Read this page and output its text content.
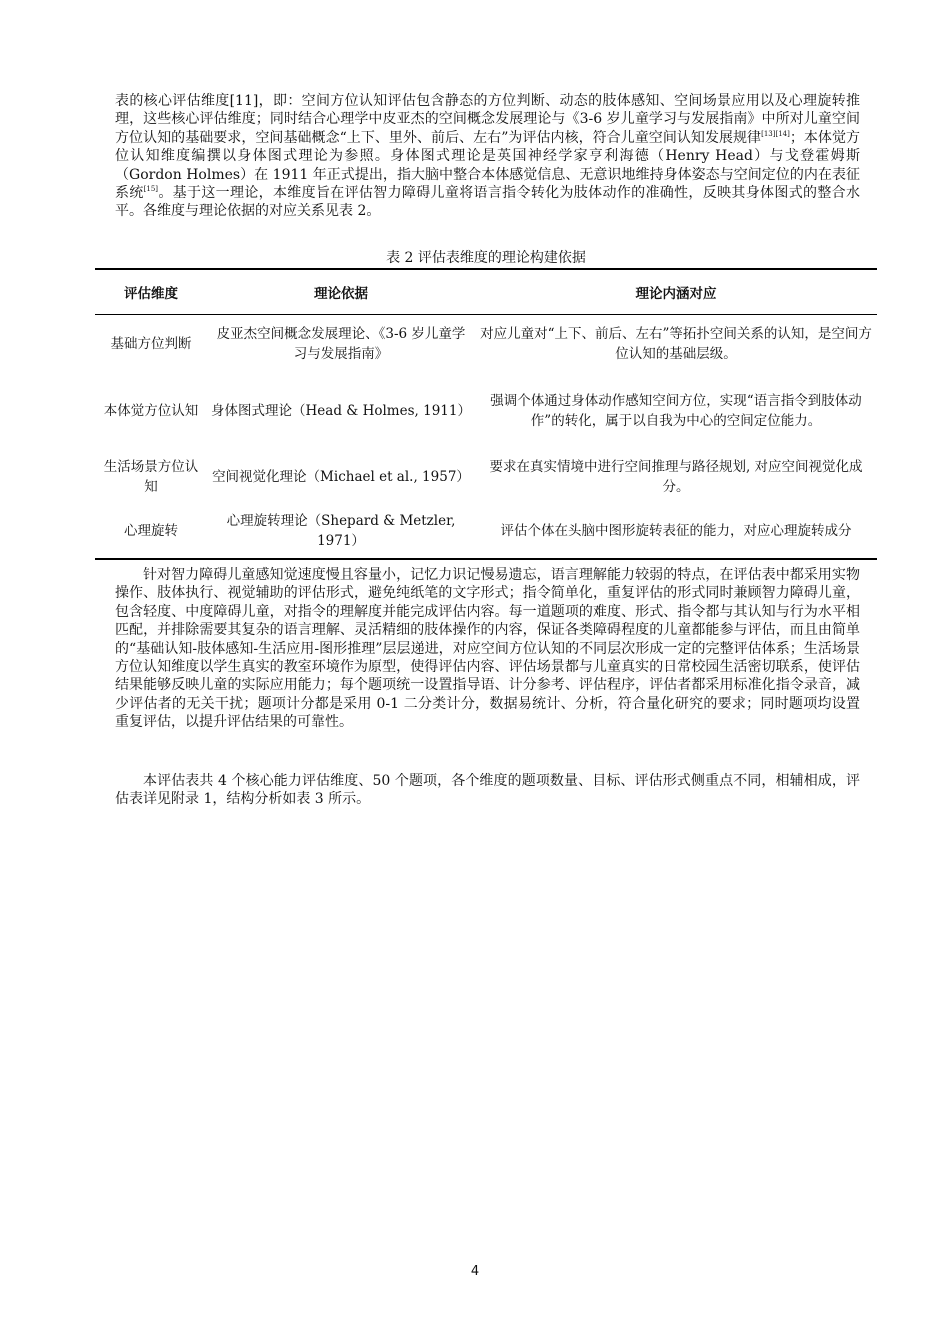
表的核心评估维度[11]，即：空间方位认知评估包含静态的方位判断、动态的肢体感知、空间场景应用以及心理旋转推理，这些核心评估维度；同时结合心理学中皮亚杰的空间概念发展理论与《3-6 岁儿童学习与发展指南》中所对儿童空间方位认知的基础要求，空间基础概念“上下、里外、前后、左右”为评估内核，符合儿童空间认知发展规律[13][14]；本体觉方位认知维度编撰以身体图式理论为参照。身体图式理论是英国神经学家亨利海德（Henry Head）与戈登霍姆斯（Gordon Holmes）在 1911 年正式提出，指大脑中整合本体感觉信息、无意识地维持身体姿态与空间定位的内在表征系统[15]。基于这一理论，本维度旨在评估智力障碍儿童将语言指令转化为肢体动作的准确性，反映其身体图式的整合水平。各维度与理论依据的对应关系见表 2。

表 2 评估表维度的理论构建依据
评估维度	理论依据	理论内涵对应
基础方位判断	皮亚杰空间概念发展理论、《3-6 岁儿童学习与发展指南》	对应儿童对“上下、前后、左右”等拓扑空间关系的认知，是空间方位认知的基础层级。
本体觉方位认知	身体图式理论（Head & Holmes, 1911）	强调个体通过身体动作感知空间方位，实现“语言指令到肢体动作”的转化，属于以自我为中心的空间定位能力。
生活场景方位认知	空间视觉化理论（Michael et al., 1957）	要求在真实情境中进行空间推理与路径规划, 对应空间视觉化成分。
心理旋转	心理旋转理论（Shepard & Metzler, 1971）	评估个体在头脑中图形旋转表征的能力，对应心理旋转成分

针对智力障碍儿童感知觉速度慢且容量小，记忆力识记慢易遗忘，语言理解能力较弱的特点，在评估表中都采用实物操作、肢体执行、视觉辅助的评估形式，避免纯纸笔的文字形式；指令简单化，重复评估的形式同时兼顾智力障碍儿童，包含轻度、中度障碍儿童，对指令的理解度并能完成评估内容。每一道题项的难度、形式、指令都与其认知与行为水平相匹配，并排除需要其复杂的语言理解、灵活精细的肢体操作的内容，保证各类障碍程度的儿童都能参与评估，而且由简单的“基础认知-肢体感知-生活应用-图形推理”层层递进，对应空间方位认知的不同层次形成一定的完整评估体系；生活场景方位认知维度以学生真实的教室环境作为原型，使得评估内容、评估场景都与儿童真实的日常校园生活密切联系，使评估结果能够反映儿童的实际应用能力；每个题项统一设置指导语、计分参考、评估程序，评估者都采用标准化指令录音，减少评估者的无关干扰；题项计分都是采用 0-1 二分类计分，数据易统计、分析，符合量化研究的要求；同时题项均设置重复评估，以提升评估结果的可靠性。

本评估表共 4 个核心能力评估维度、50 个题项，各个维度的题项数量、目标、评估形式侧重点不同，相辅相成，评估表详见附录 1，结构分析如表 3 所示。

4
